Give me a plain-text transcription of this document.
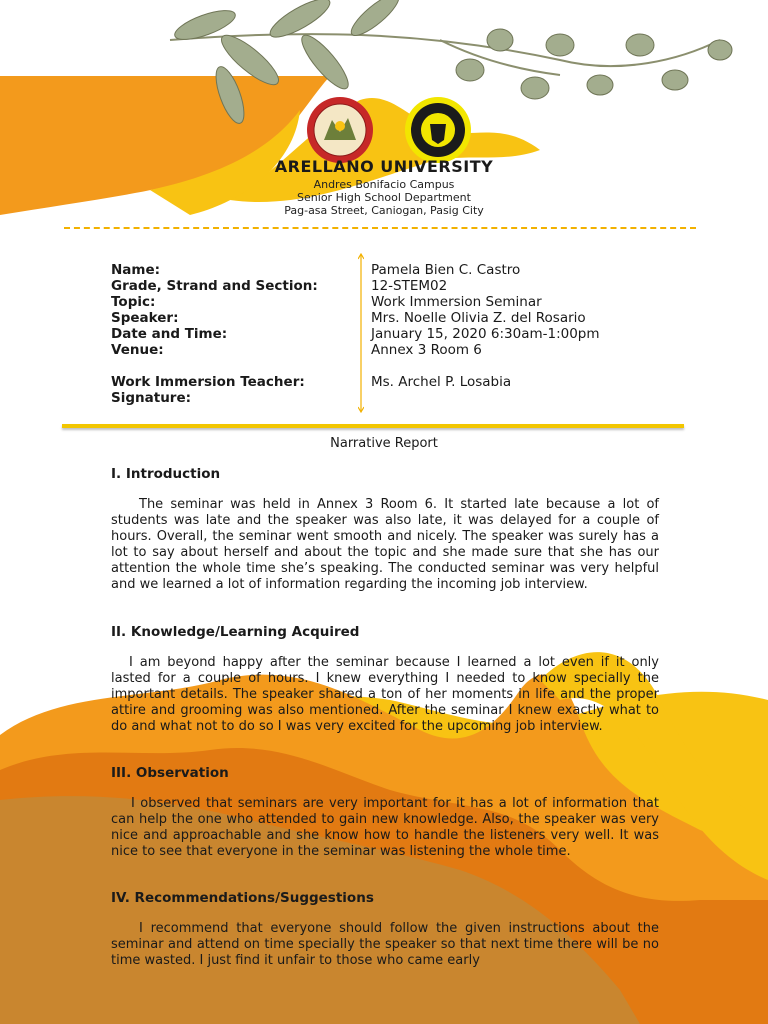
ARELLANO UNIVERSITY
Andres Bonifacio Campus
Senior High School Department
Pag-asa Street, Caniogan, Pasig City
Name:	Pamela Bien C. Castro
Grade, Strand and Section:	12-STEM02
Topic:	Work Immersion Seminar
Speaker:	Mrs. Noelle Olivia Z. del Rosario
Date and Time:	January 15, 2020 6:30am-1:00pm
Venue:	Annex 3 Room 6
Work Immersion Teacher:	Ms. Archel P. Losabia
Signature:
Narrative Report
I. Introduction
The seminar was held in Annex 3 Room 6. It started late because a lot of students was late and the speaker was also late, it was delayed for a couple of hours. Overall, the seminar went smooth and nicely. The speaker was surely has a lot to say about herself and about the topic and she made sure that she has our attention the whole time she’s speaking. The conducted seminar was very helpful and we learned a lot of information regarding the incoming job interview.
II. Knowledge/Learning Acquired
I am beyond happy after the seminar because I learned a lot even if it only lasted for a couple of hours. I knew everything I needed to know specially the important details. The speaker shared a ton of her moments in life and the proper attire and grooming was also mentioned. After the seminar I knew exactly what to do and what not to do so I was very excited for the upcoming job interview.
III. Observation
I observed that seminars are very important for it has a lot of information that can help the one who attended to gain new knowledge. Also, the speaker was very nice and approachable and she know how to handle the listeners very well. It was nice to see that everyone in the seminar was listening the whole time.
IV. Recommendations/Suggestions
I recommend that everyone should follow the given instructions about the seminar and attend on time specially the speaker so that next time there will be no time wasted. I just find it unfair to those who came early
